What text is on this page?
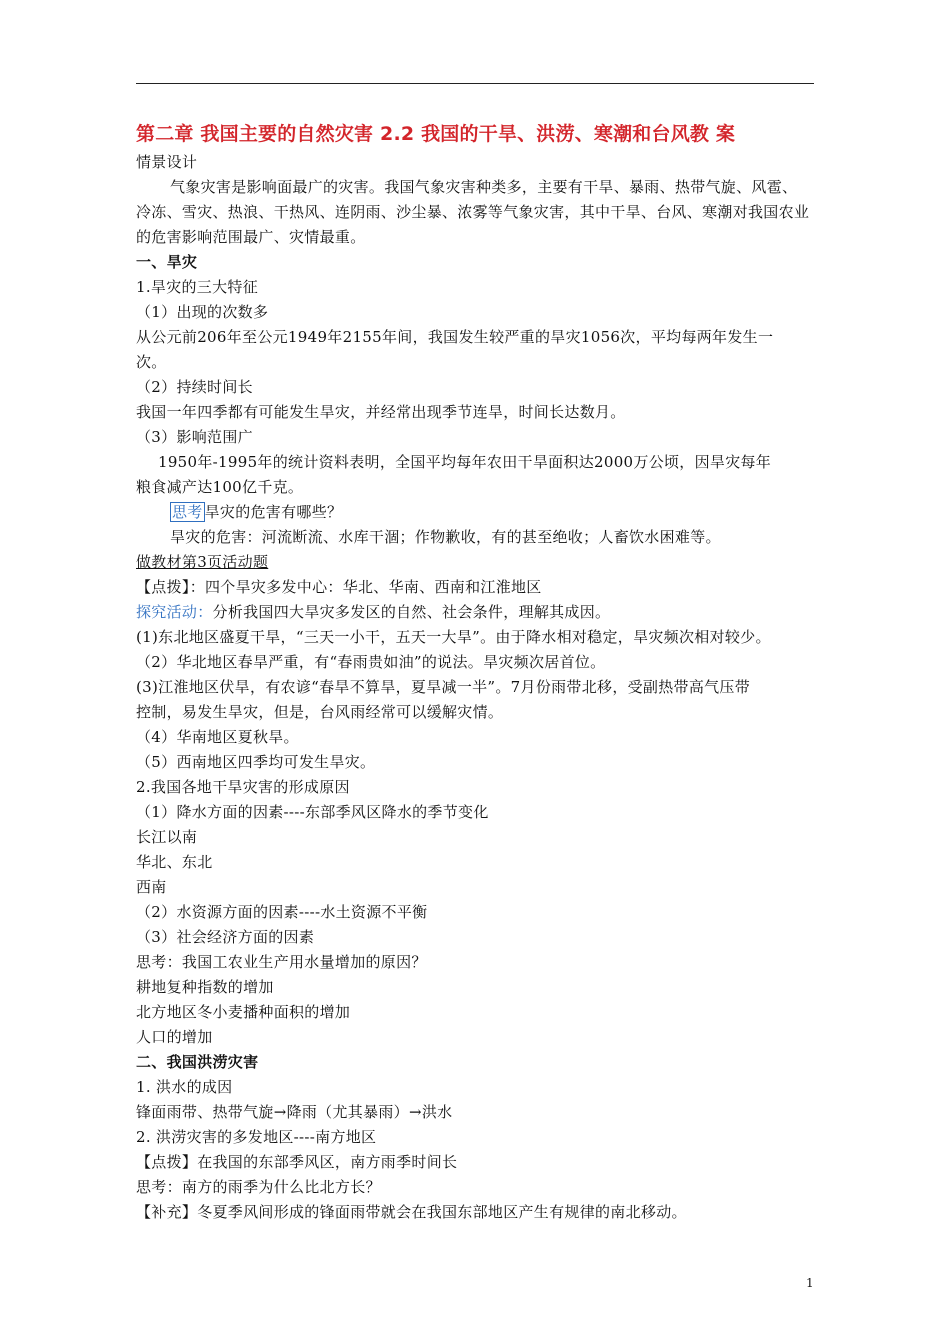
第二章 我国主要的自然灾害 2.2 我国的干旱、洪涝、寒潮和台风教 案
情景设计
气象灾害是影响面最广的灾害。我国气象灾害种类多，主要有干旱、暴雨、热带气旋、风雹、
冷冻、雪灾、热浪、干热风、连阴雨、沙尘暴、浓雾等气象灾害，其中干旱、台风、寒潮对我国农业
的危害影响范围最广、灾情最重。
一、旱灾
1.旱灾的三大特征
（1）出现的次数多
从公元前206年至公元1949年2155年间，我国发生较严重的旱灾1056次，平均每两年发生一
次。
（2）持续时间长
我国一年四季都有可能发生旱灾，并经常出现季节连旱，时间长达数月。
（3）影响范围广
1950年-1995年的统计资料表明，全国平均每年农田干旱面积达2000万公顷，因旱灾每年
粮食减产达100亿千克。
思考 旱灾的危害有哪些？
旱灾的危害：河流断流、水库干涸；作物歉收，有的甚至绝收；人畜饮水困难等。
做教材第3页活动题
【点拨】：四个旱灾多发中心：华北、华南、西南和江淮地区
探究活动：分析我国四大旱灾多发区的自然、社会条件，理解其成因。
(1)东北地区盛夏干旱，“三天一小干，五天一大旱”。由于降水相对稳定，旱灾频次相对较少。
（2）华北地区春旱严重，有“春雨贵如油”的说法。旱灾频次居首位。
(3)江淮地区伏旱，有农谚“春旱不算旱，夏旱减一半”。7月份雨带北移，受副热带高气压带
控制，易发生旱灾，但是，台风雨经常可以缓解灾情。
（4）华南地区夏秋旱。
（5）西南地区四季均可发生旱灾。
2.我国各地干旱灾害的形成原因
（1）降水方面的因素----东部季风区降水的季节变化
长江以南
华北、东北
西南
（2）水资源方面的因素----水土资源不平衡
（3）社会经济方面的因素
思考：我国工农业生产用水量增加的原因？
耕地复种指数的增加
北方地区冬小麦播种面积的增加
人口的增加
二、我国洪涝灾害
1. 洪水的成因
锋面雨带、热带气旋→降雨（尤其暴雨）→洪水
2. 洪涝灾害的多发地区----南方地区
【点拨】在我国的东部季风区，南方雨季时间长
思考：南方的雨季为什么比北方长？
【补充】冬夏季风间形成的锋面雨带就会在我国东部地区产生有规律的南北移动。
1
